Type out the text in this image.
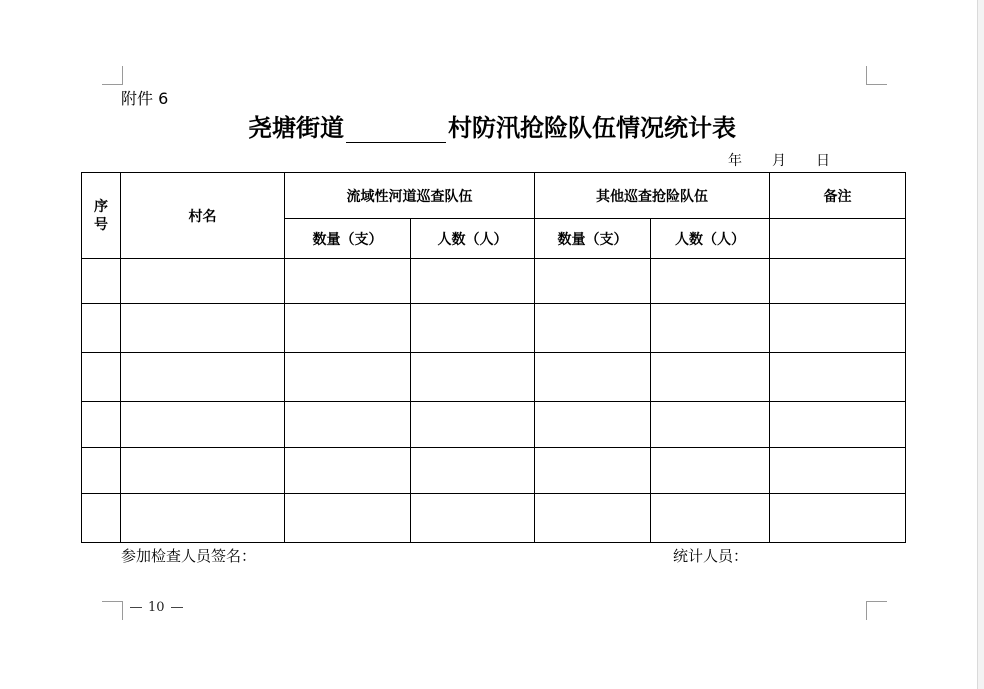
附件 6
尧塘街道	村防汛抢险队伍情况统计表
年 月 日
序
号	村名	流域性河道巡查队伍		其他巡查抢险队伍		备注
		数量（支）	人数（人）	数量（支）	人数（人）	

参加检查人员签名：	统计人员：
10
